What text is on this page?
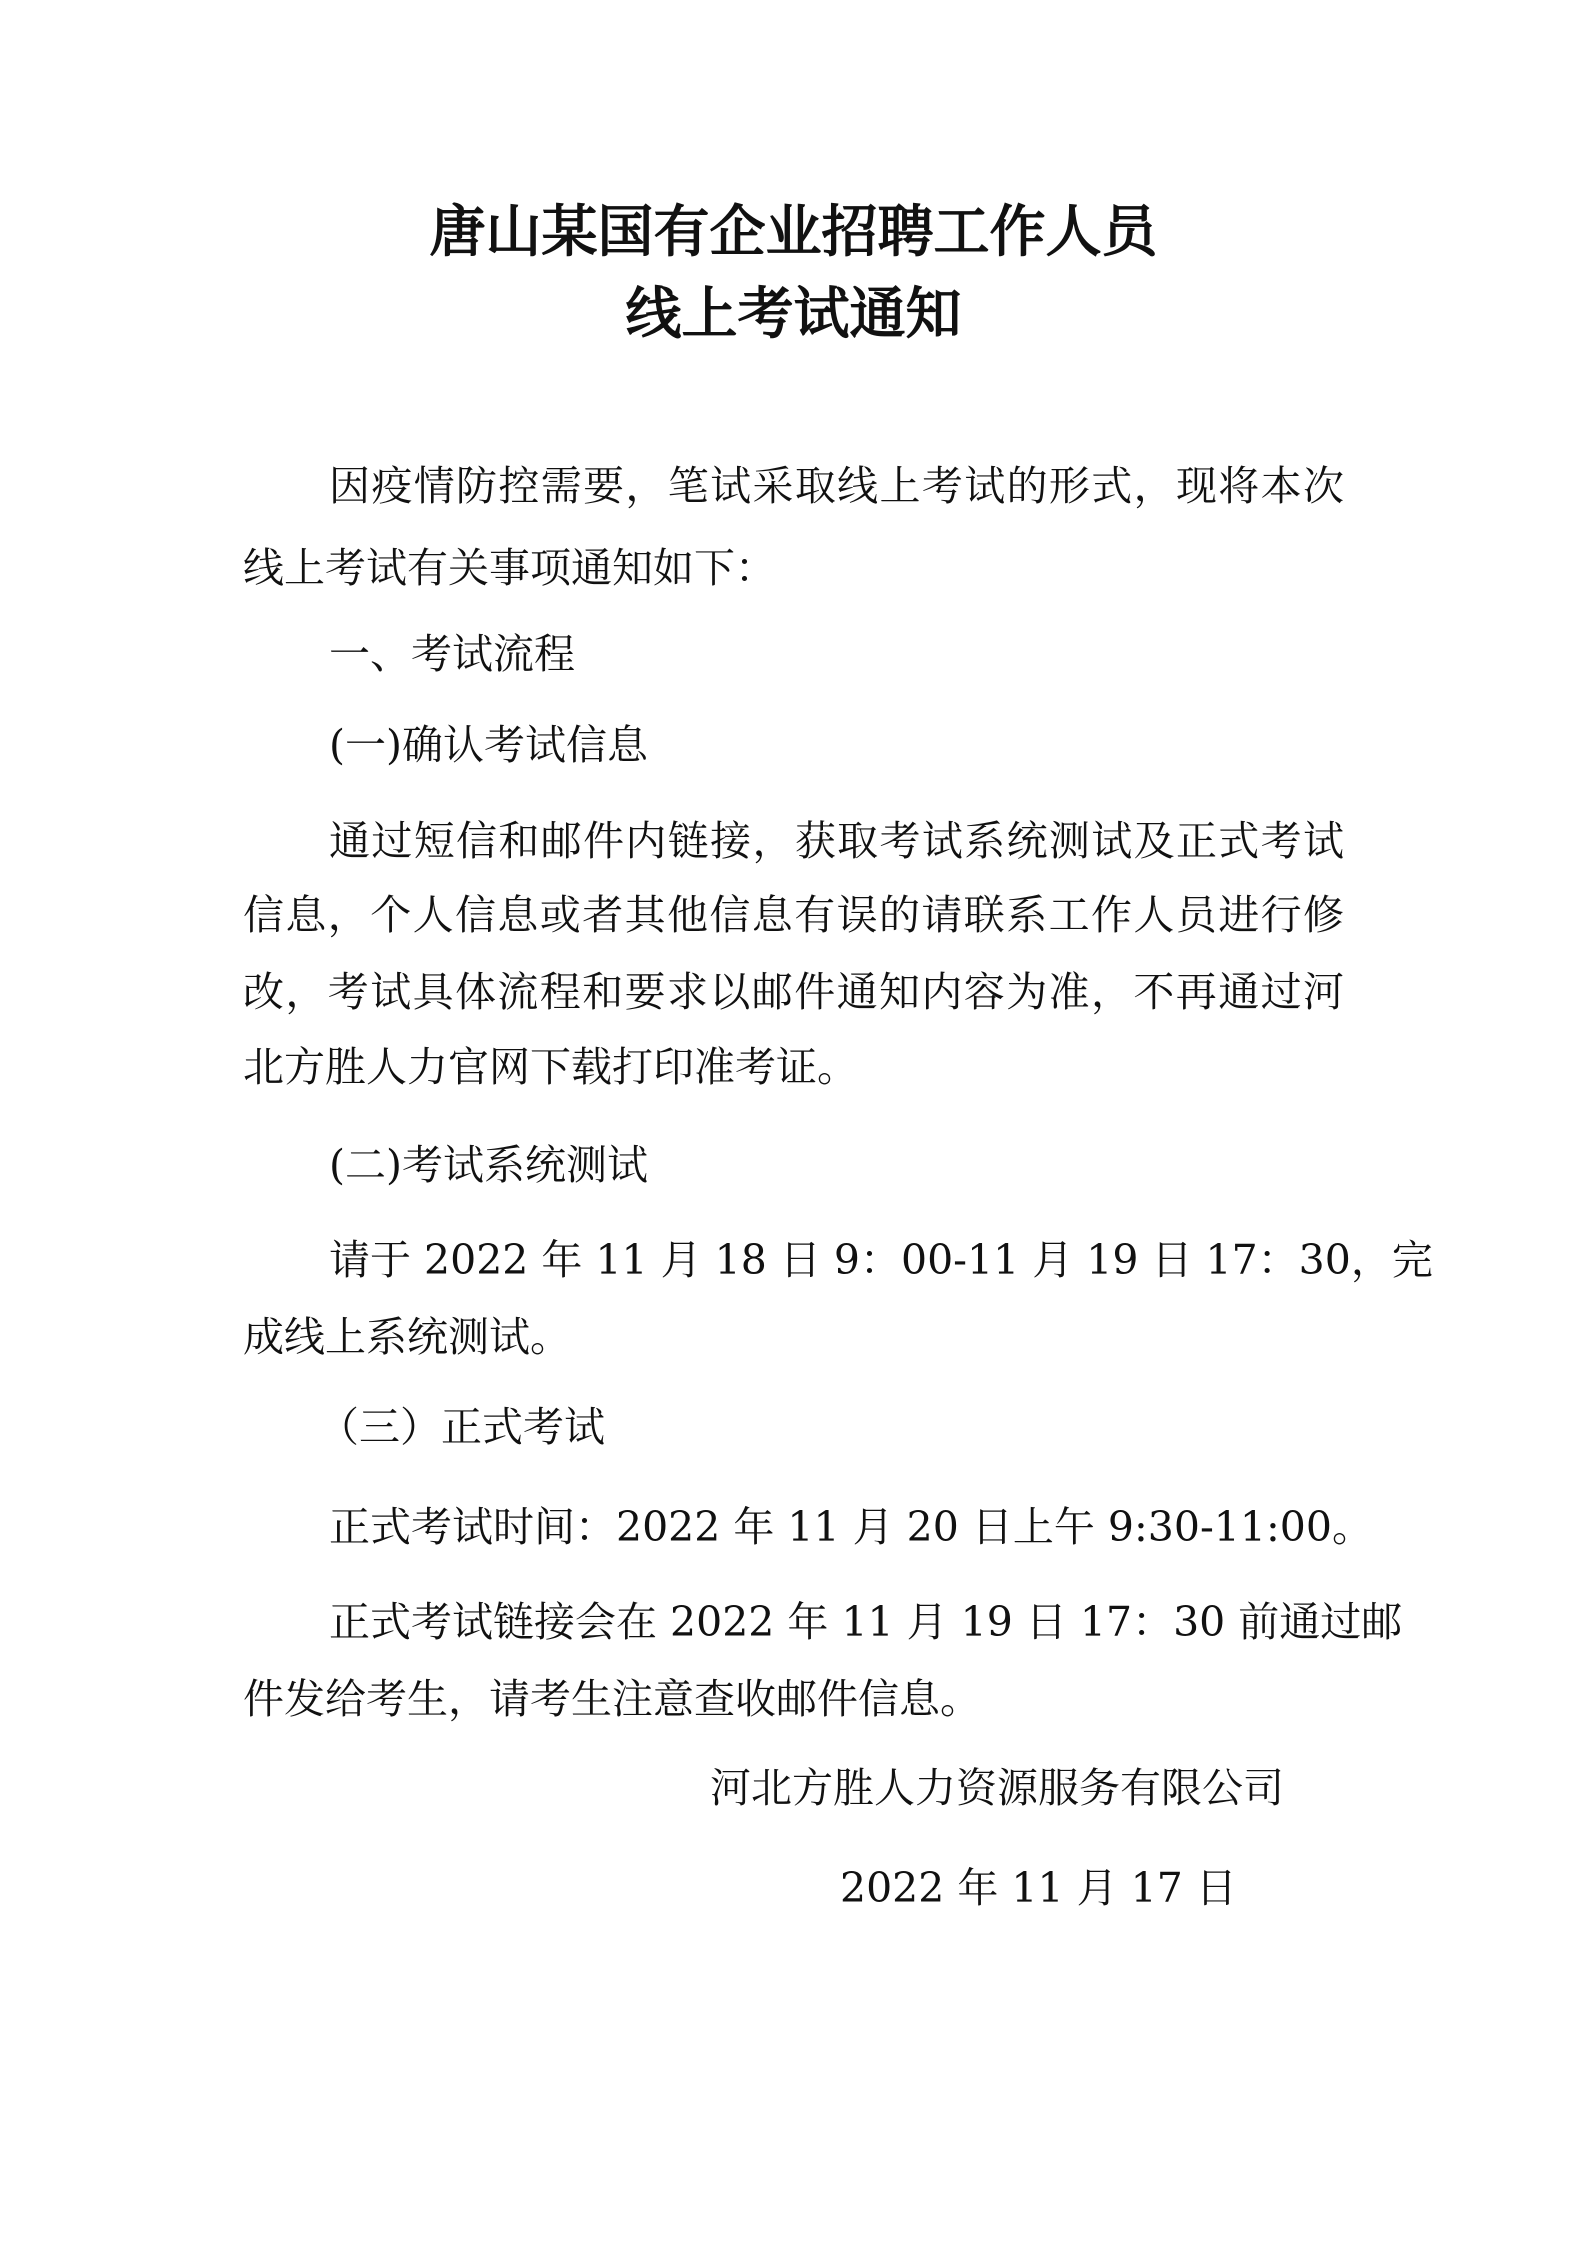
唐山某国有企业招聘工作人员
线上考试通知
因疫情防控需要，笔试采取线上考试的形式，现将本次
线上考试有关事项通知如下：
一、考试流程
(一)确认考试信息
通过短信和邮件内链接，获取考试系统测试及正式考试
信息，个人信息或者其他信息有误的请联系工作人员进行修
改，考试具体流程和要求以邮件通知内容为准，不再通过河
北方胜人力官网下载打印准考证。
(二)考试系统测试
请于 2022 年 11 月 18 日 9：00-11 月 19 日 17：30，完
成线上系统测试。
（三）正式考试
正式考试时间：2022 年 11 月 20 日上午 9:30-11:00。
正式考试链接会在 2022 年 11 月 19 日 17：30 前通过邮
件发给考生，请考生注意查收邮件信息。
河北方胜人力资源服务有限公司
2022 年 11 月 17 日
